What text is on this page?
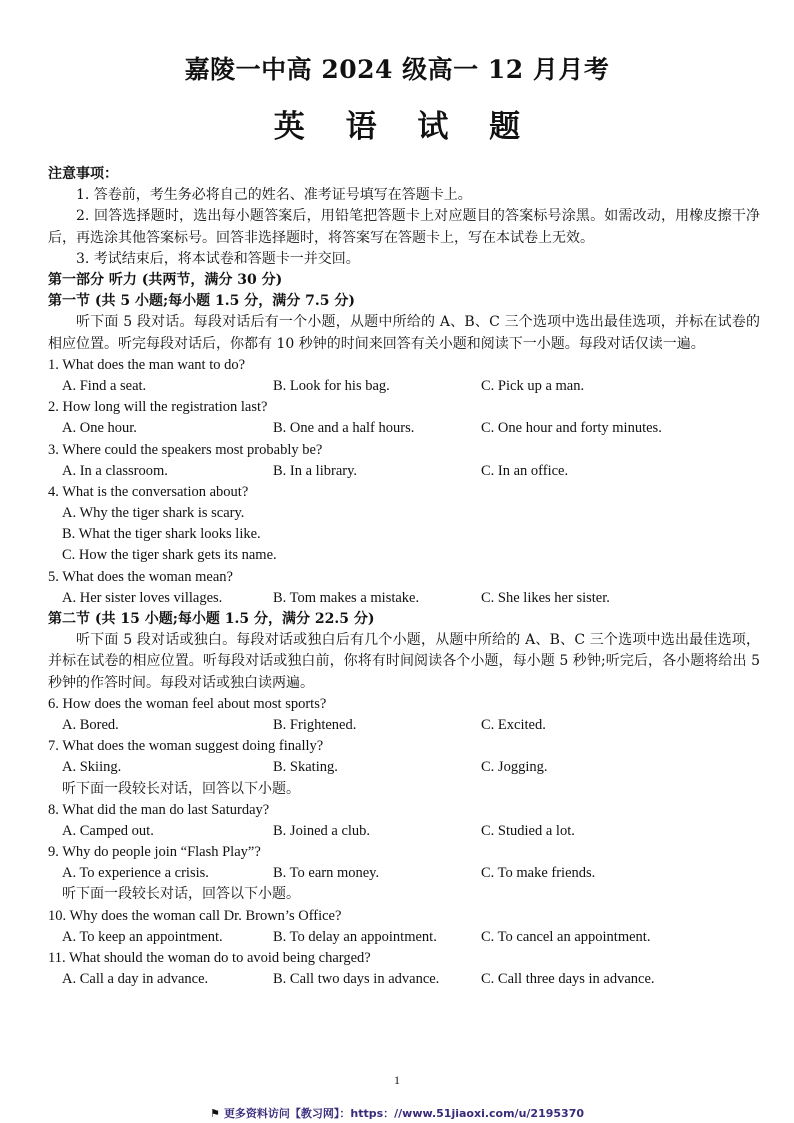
嘉陵一中高 2024 级高一 12 月月考
英 语 试 题
注意事项：
1. 答卷前，考生务必将自己的姓名、准考证号填写在答题卡上。
2. 回答选择题时，选出每小题答案后，用铅笔把答题卡上对应题目的答案标号涂黑。如需改动，用橡皮擦干净后，再选涂其他答案标号。回答非选择题时，将答案写在答题卡上，写在本试卷上无效。
3. 考试结束后，将本试卷和答题卡一并交回。
第一部分 听力 (共两节，满分 30 分)
第一节 (共 5 小题;每小题 1.5 分，满分 7.5 分)
听下面 5 段对话。每段对话后有一个小题，从题中所给的 A、B、C 三个选项中选出最佳选项，并标在试卷的相应位置。听完每段对话后，你都有 10 秒钟的时间来回答有关小题和阅读下一小题。每段对话仅读一遍。
1. What does the man want to do?
A. Find a seat.	B. Look for his bag.	C. Pick up a man.
2. How long will the registration last?
A. One hour.	B. One and a half hours.	C. One hour and forty minutes.
3. Where could the speakers most probably be?
A. In a classroom.	B. In a library.	C. In an office.
4. What is the conversation about?
A. Why the tiger shark is scary.
B. What the tiger shark looks like.
C. How the tiger shark gets its name.
5. What does the woman mean?
A. Her sister loves villages.	B. Tom makes a mistake.	C. She likes her sister.
第二节 (共 15 小题;每小题 1.5 分，满分 22.5 分)
听下面 5 段对话或独白。每段对话或独白后有几个小题，从题中所给的 A、B、C 三个选项中选出最佳选项，并标在试卷的相应位置。听每段对话或独白前，你将有时间阅读各个小题，每小题 5 秒钟;听完后，各小题将给出 5 秒钟的作答时间。每段对话或独白读两遍。
6. How does the woman feel about most sports?
A. Bored.	B. Frightened.	C. Excited.
7. What does the woman suggest doing finally?
A. Skiing.	B. Skating.	C. Jogging.
听下面一段较长对话，回答以下小题。
8. What did the man do last Saturday?
A. Camped out.	B. Joined a club.	C. Studied a lot.
9. Why do people join “Flash Play”?
A. To experience a crisis.	B. To earn money.	C. To make friends.
听下面一段较长对话，回答以下小题。
10. Why does the woman call Dr. Brown’s Office?
A. To keep an appointment.	B. To delay an appointment.	C. To cancel an appointment.
11. What should the woman do to avoid being charged?
A. Call a day in advance.	B. Call two days in advance.	C. Call three days in advance.
1
⚑ 更多资料访问【教习网】：https：//www.51jiaoxi.com/u/2195370
